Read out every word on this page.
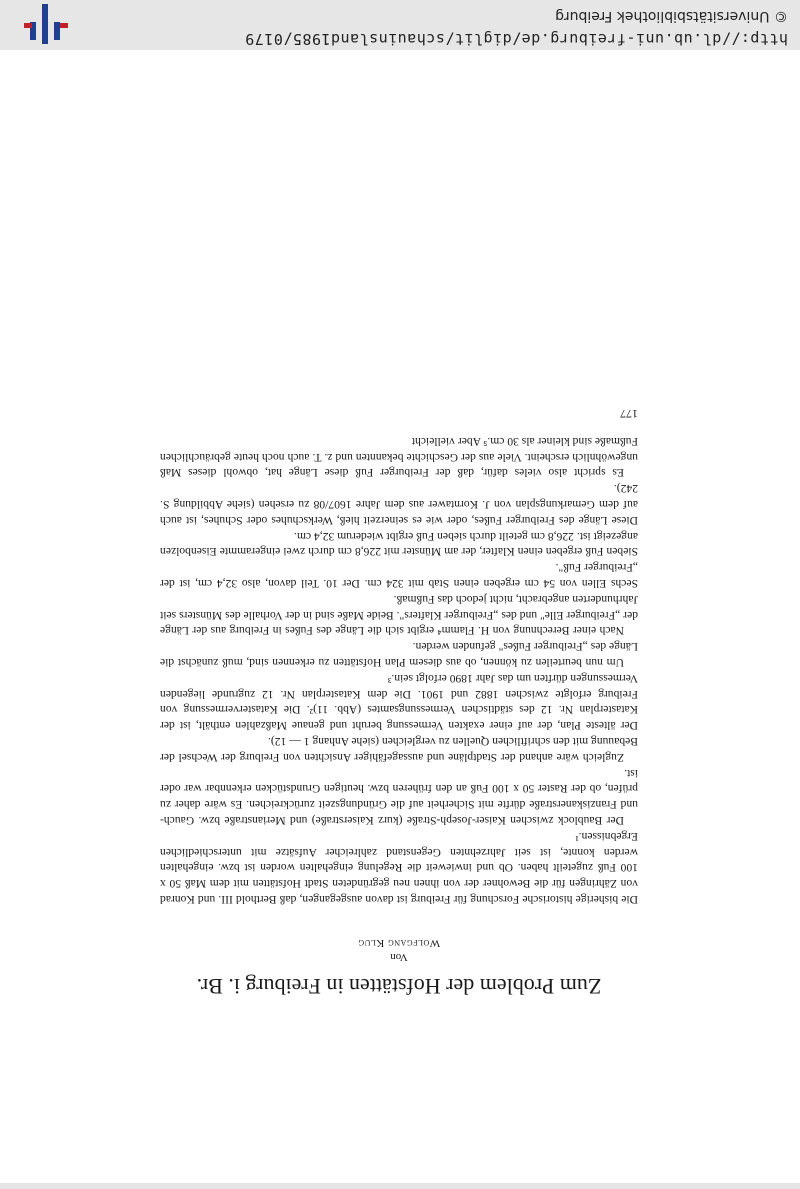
Zum Problem der Hofstätten in Freiburg i. Br.

Von

Wolfgang Klug

Die bisherige historische Forschung für Freiburg ist davon ausgegangen, daß Berthold III. und Konrad von Zähringen für die Bewohner der von ihnen neu gegründeten Stadt Hofstätten mit dem Maß 50 x 100 Fuß zugeteilt haben. Ob und inwieweit die Regelung eingehalten worden ist bzw. eingehalten werden konnte, ist seit Jahrzehnten Gegenstand zahlreicher Aufsätze mit unterschiedlichen Ergebnissen.¹

Der Baublock zwischen Kaiser-Joseph-Straße (kurz Kaiserstraße) und Merianstraße bzw. Gauch- und Franziskanerstraße dürfte mit Sicherheit auf die Gründungszeit zurückreichen. Es wäre daher zu prüfen, ob der Raster 50 x 100 Fuß an den früheren bzw. heutigen Grundstücken erkennbar war oder ist.

Zugleich wäre anhand der Stadtpläne und aussagefähiger Ansichten von Freiburg der Wechsel der Bebauung mit den schriftlichen Quellen zu vergleichen (siehe Anhang 1 — 12).

Der älteste Plan, der auf einer exakten Vermessung beruht und genaue Maßzahlen enthält, ist der Katasterplan Nr. 12 des städtischen Vermessungsamtes (Abb. 11)². Die Katastervermessung von Freiburg erfolgte zwischen 1882 und 1901. Die dem Katasterplan Nr. 12 zugrunde liegenden Vermessungen dürften um das Jahr 1890 erfolgt sein.³

Um nun beurteilen zu können, ob aus diesem Plan Hofstätten zu erkennen sind, muß zunächst die Länge des „Freiburger Fußes" gefunden werden.

Nach einer Berechnung von H. Flamm⁴ ergibt sich die Länge des Fußes in Freiburg aus der Länge der „Freiburger Elle" und des „Freiburger Klafters". Beide Maße sind in der Vorhalle des Münsters seit Jahrhunderten angebracht, nicht jedoch das Fußmaß.

Sechs Ellen von 54 cm ergeben einen Stab mit 324 cm. Der 10. Teil davon, also 32,4 cm, ist der „Freiburger Fuß".

Sieben Fuß ergeben einen Klafter, der am Münster mit 226,8 cm durch zwei eingerammte Eisenbolzen angezeigt ist. 226,8 cm geteilt durch sieben Fuß ergibt wiederum 32,4 cm.

Diese Länge des Freiburger Fußes, oder wie es seinerzeit hieß, Werkschuhes oder Schuhes, ist auch auf dem Gemarkungsplan von J. Korntawer aus dem Jahre 1607/08 zu ersehen (siehe Abbildung S. 242).

Es spricht also vieles dafür, daß der Freiburger Fuß diese Länge hat, obwohl dieses Maß ungewöhnlich erscheint. Viele aus der Geschichte bekannten und z. T. auch noch heute gebräuchlichen Fußmaße sind kleiner als 30 cm.⁵ Aber vielleicht

177
http://dl.ub.uni-freiburg.de/diglit/schauinsland1985/0179
© Universitätsbibliothek Freiburg
